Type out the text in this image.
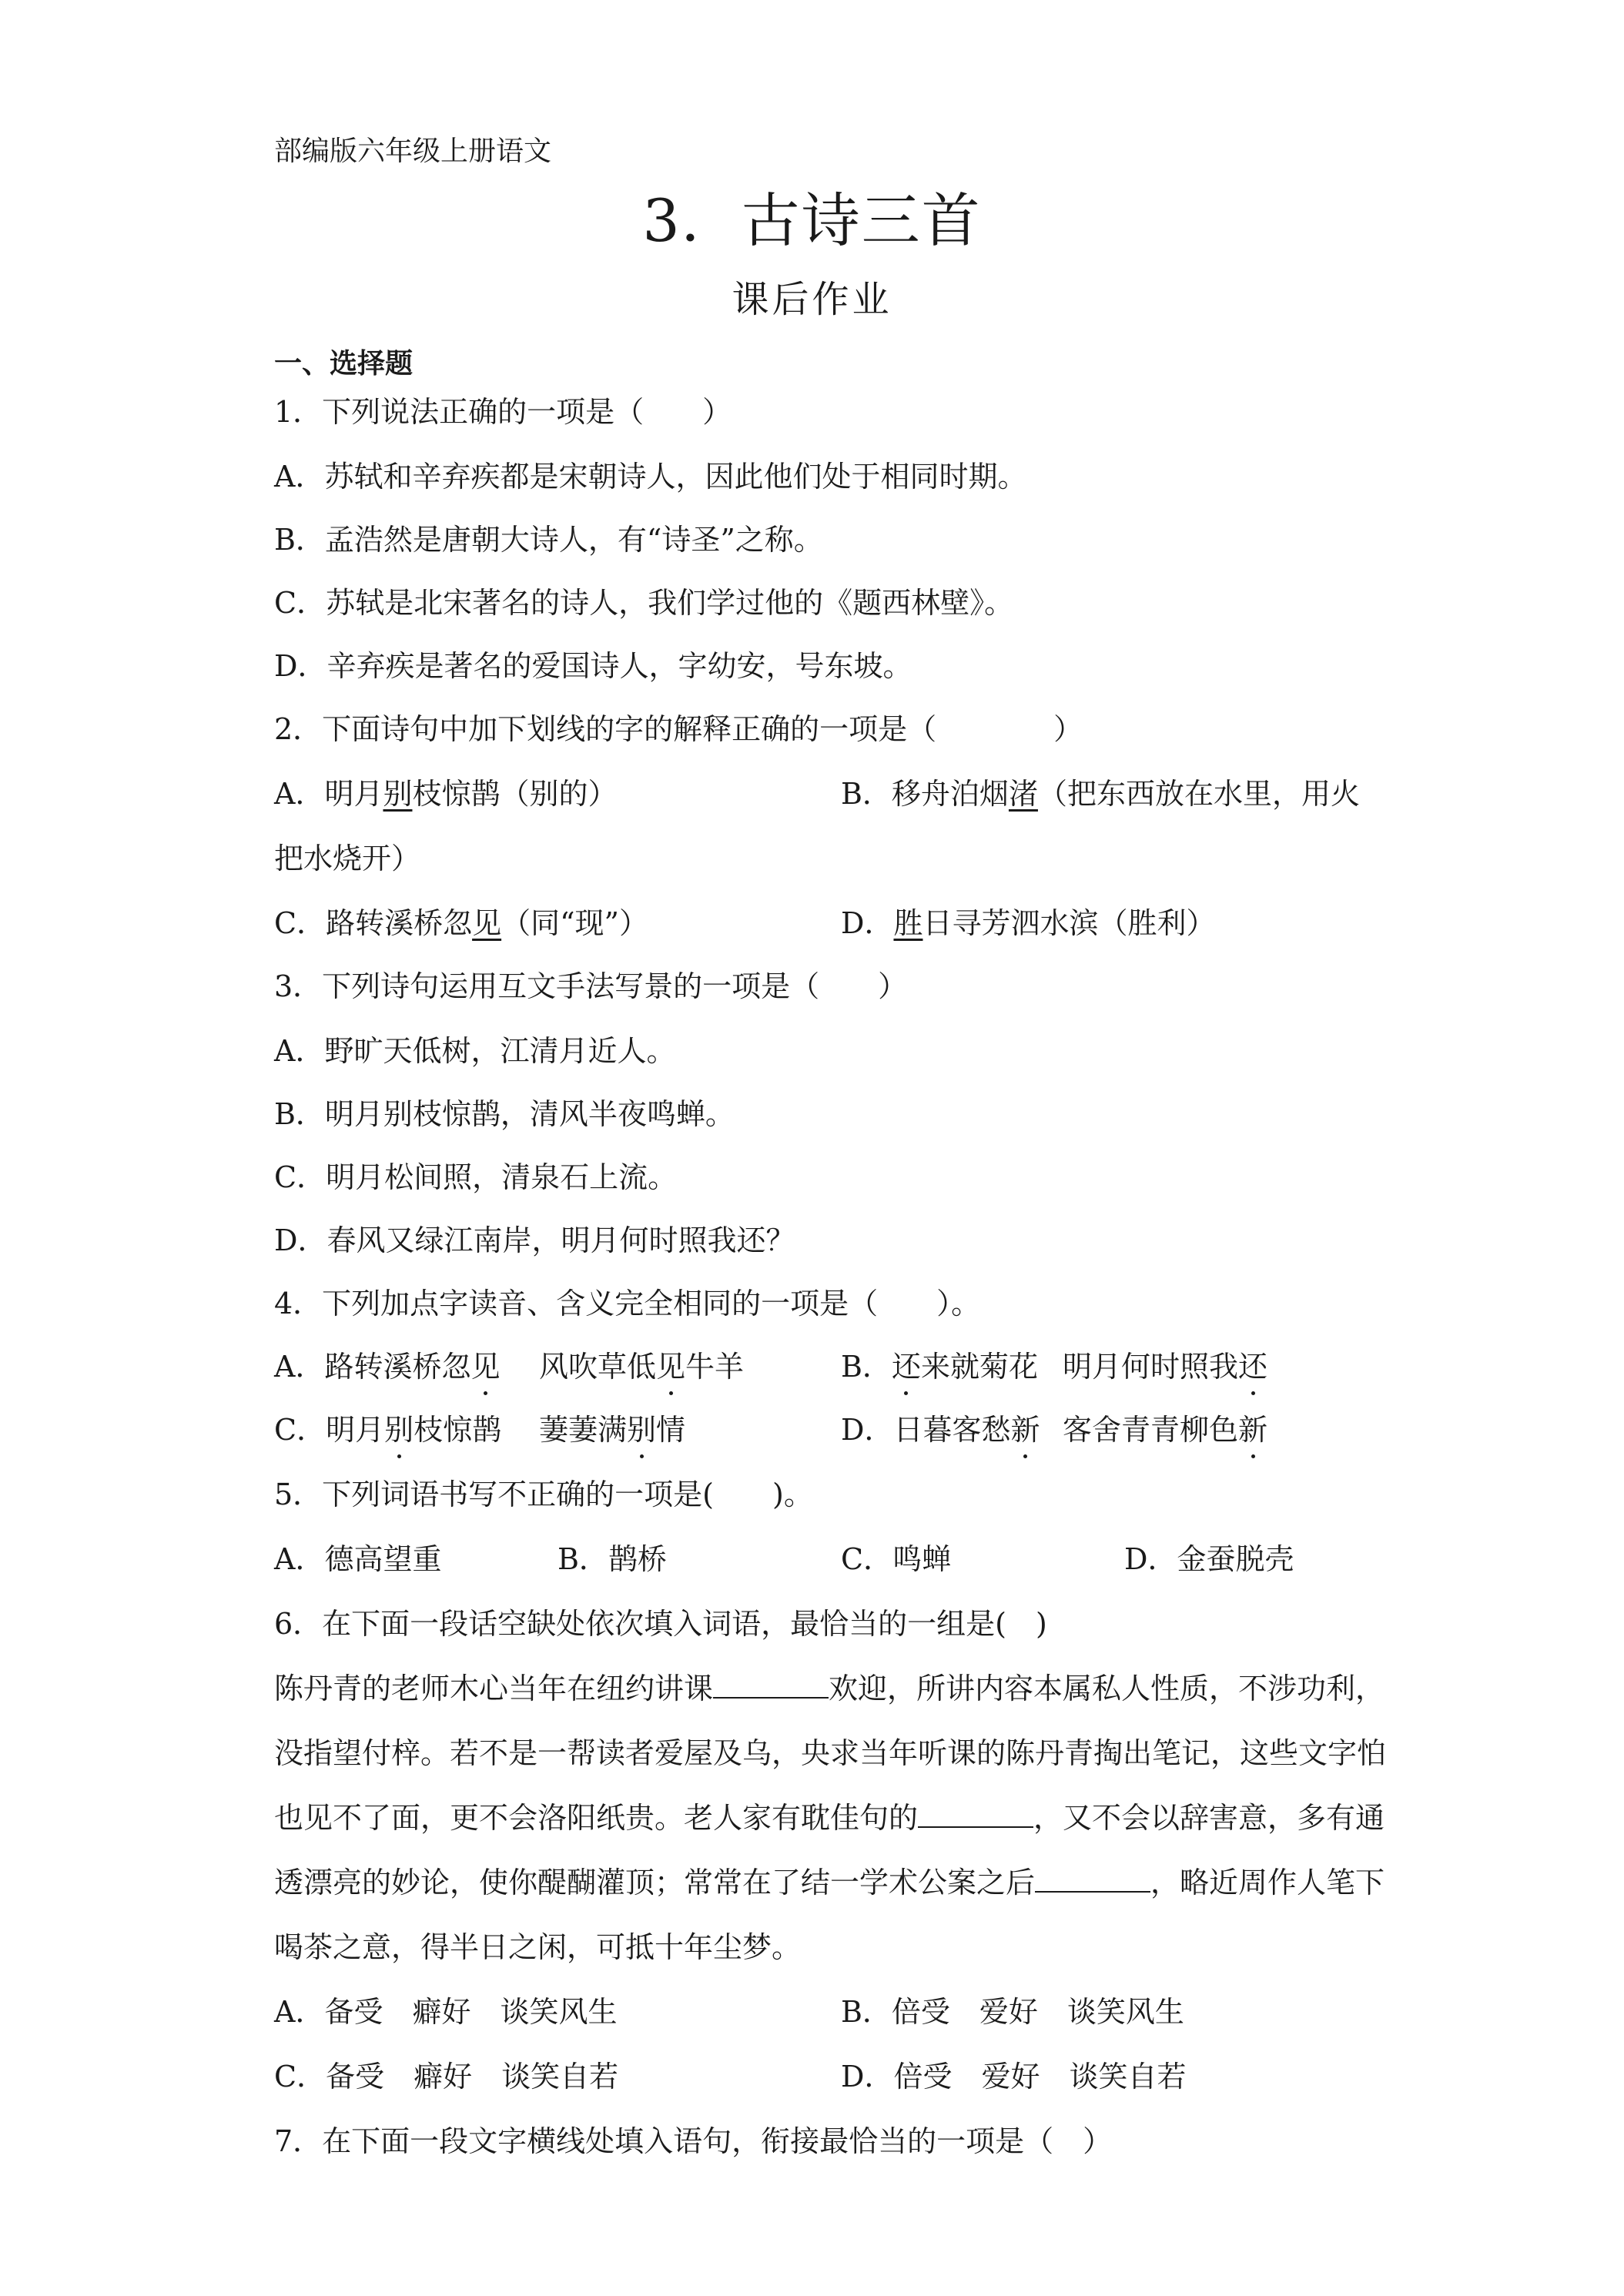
部编版六年级上册语文
3．古诗三首
课后作业
一、选择题
1．下列说法正确的一项是（　　）
A．苏轼和辛弃疾都是宋朝诗人，因此他们处于相同时期。
B．孟浩然是唐朝大诗人，有“诗圣”之称。
C．苏轼是北宋著名的诗人，我们学过他的《题西林壁》。
D．辛弃疾是著名的爱国诗人，字幼安，号东坡。
2．下面诗句中加下划线的字的解释正确的一项是（　　　　）
A．明月别枝惊鹊（别的）	B．移舟泊烟渚（把东西放在水里，用火
把水烧开）
C．路转溪桥忽见（同“现”）	D．胜日寻芳泗水滨（胜利）
3．下列诗句运用互文手法写景的一项是（　　）
A．野旷天低树，江清月近人。
B．明月别枝惊鹊，清风半夜鸣蝉。
C．明月松间照，清泉石上流。
D．春风又绿江南岸，明月何时照我还？
4．下列加点字读音、含义完全相同的一项是（　　）。
A．路转溪桥忽见 风吹草低见牛羊	B．还来就菊花 明月何时照我还
C．明月别枝惊鹊 萋萋满别情	D．日暮客愁新 客舍青青柳色新
5．下列词语书写不正确的一项是(　　)。
A．德高望重	B．鹊桥	C．鸣蝉	D．金蚕脱壳
6．在下面一段话空缺处依次填入词语，最恰当的一组是(　)
陈丹青的老师木心当年在纽约讲课	欢迎，所讲内容本属私人性质，不涉功利，
没指望付梓。若不是一帮读者爱屋及乌，央求当年听课的陈丹青掏出笔记，这些文字怕
也见不了面，更不会洛阳纸贵。老人家有耽佳句的	，又不会以辞害意，多有通
透漂亮的妙论，使你醍醐灌顶；常常在了结一学术公案之后	，略近周作人笔下
喝茶之意，得半日之闲，可抵十年尘梦。
A．备受　癖好　谈笑风生	B．倍受　爱好　谈笑风生
C．备受　癖好　谈笑自若	D．倍受　爱好　谈笑自若
7．在下面一段文字横线处填入语句，衔接最恰当的一项是（　）
